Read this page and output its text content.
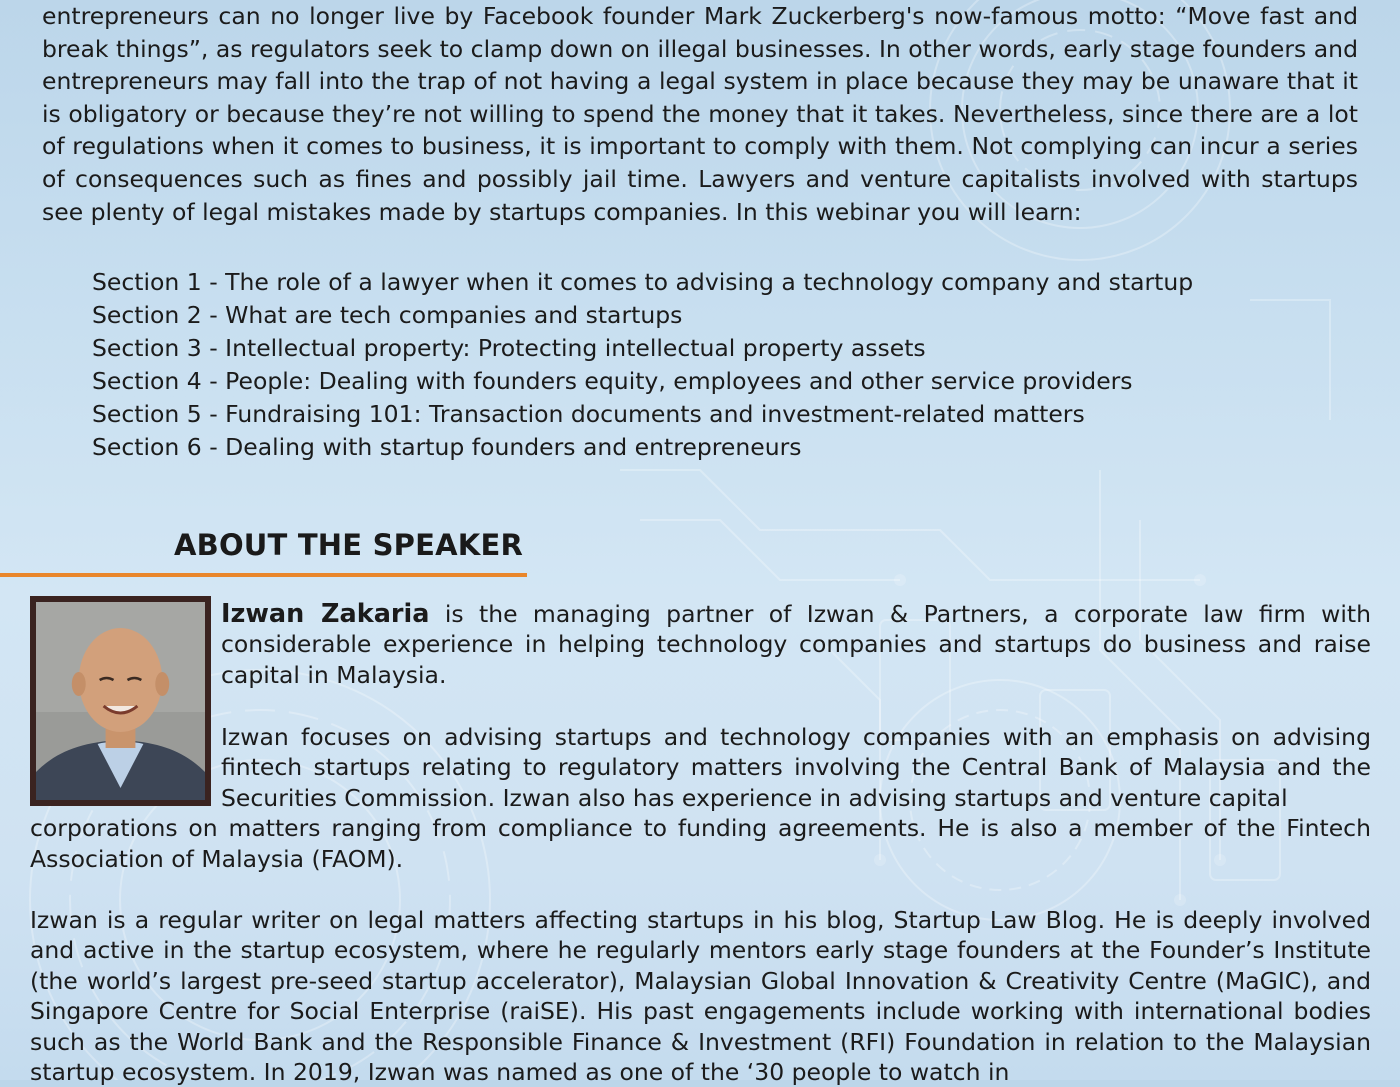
entrepreneurs can no longer live by Facebook founder Mark Zuckerberg's now-famous motto: “Move fast and break things”, as regulators seek to clamp down on illegal businesses. In other words, early stage founders and entrepreneurs may fall into the trap of not having a legal system in place because they may be unaware that it is obligatory or because they’re not willing to spend the money that it takes. Nevertheless, since there are a lot of regulations when it comes to business, it is important to comply with them. Not complying can incur a series of consequences such as fines and possibly jail time. Lawyers and venture capitalists involved with startups see plenty of legal mistakes made by startups companies. In this webinar you will learn:

Section 1 - The role of a lawyer when it comes to advising a technology company and startup
Section 2 - What are tech companies and startups
Section 3 - Intellectual property: Protecting intellectual property assets
Section 4 - People: Dealing with founders equity, employees and other service providers
Section 5 - Fundraising 101: Transaction documents and investment-related matters
Section 6 - Dealing with startup founders and entrepreneurs
ABOUT THE SPEAKER

Izwan Zakaria is the managing partner of Izwan & Partners, a corporate law firm with considerable experience in helping technology companies and startups do business and raise capital in Malaysia.

Izwan focuses on advising startups and technology companies with an emphasis on advising fintech startups relating to regulatory matters involving the Central Bank of Malaysia and the Securities Commission. Izwan also has experience in advising startups and venture capital
corporations on matters ranging from compliance to funding agreements. He is also a member of the Fintech Association of Malaysia (FAOM).

Izwan is a regular writer on legal matters affecting startups in his blog, Startup Law Blog. He is deeply involved and active in the startup ecosystem, where he regularly mentors early stage founders at the Founder’s Institute (the world’s largest pre-seed startup accelerator), Malaysian Global Innovation & Creativity Centre (MaGIC), and Singapore Centre for Social Enterprise (raiSE). His past engagements include working with international bodies such as the World Bank and the Responsible Finance & Investment (RFI) Foundation in relation to the Malaysian startup ecosystem. In 2019, Izwan was named as one of the ‘30 people to watch in
